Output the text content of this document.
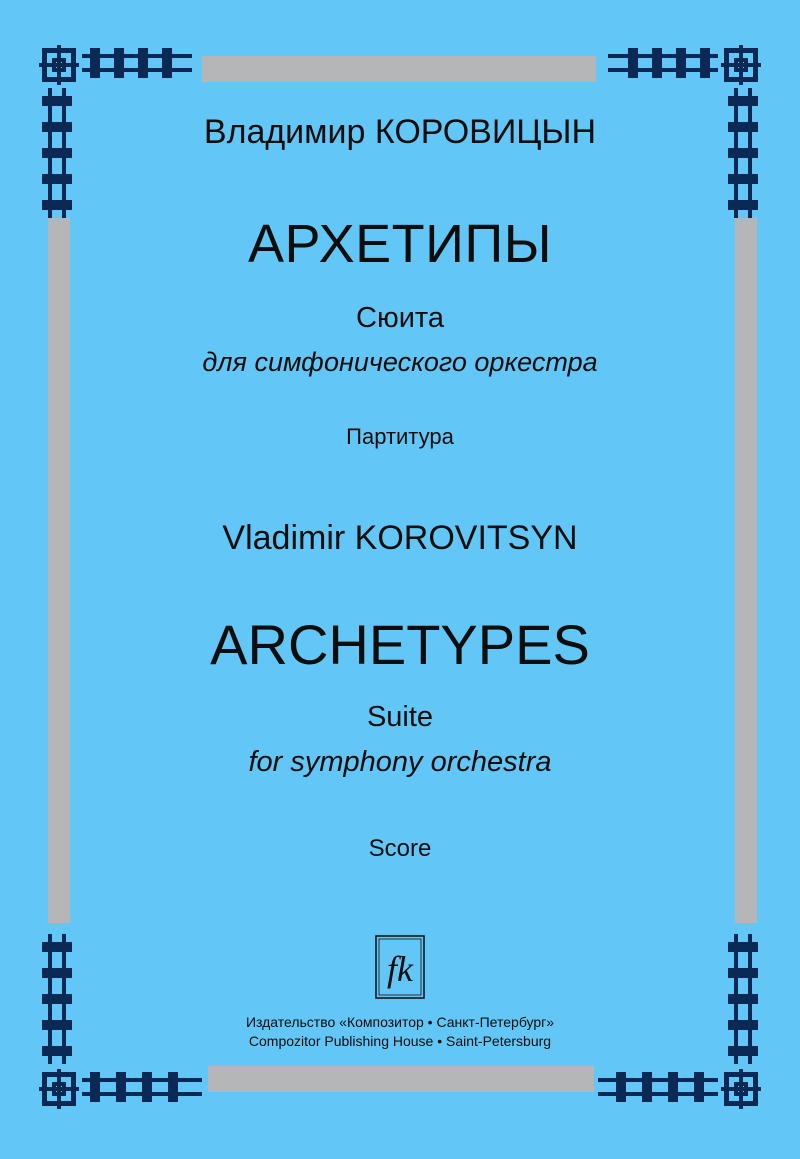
Владимир КОРОВИЦЫН
АРХЕТИПЫ
Сюита
для симфонического оркестра
Партитура
Vladimir KOROVITSYN
ARCHETYPES
Suite
for symphony orchestra
Score
fk
Издательство «Композитор • Санкт-Петербург»
Compozitor Publishing House • Saint-Petersburg
